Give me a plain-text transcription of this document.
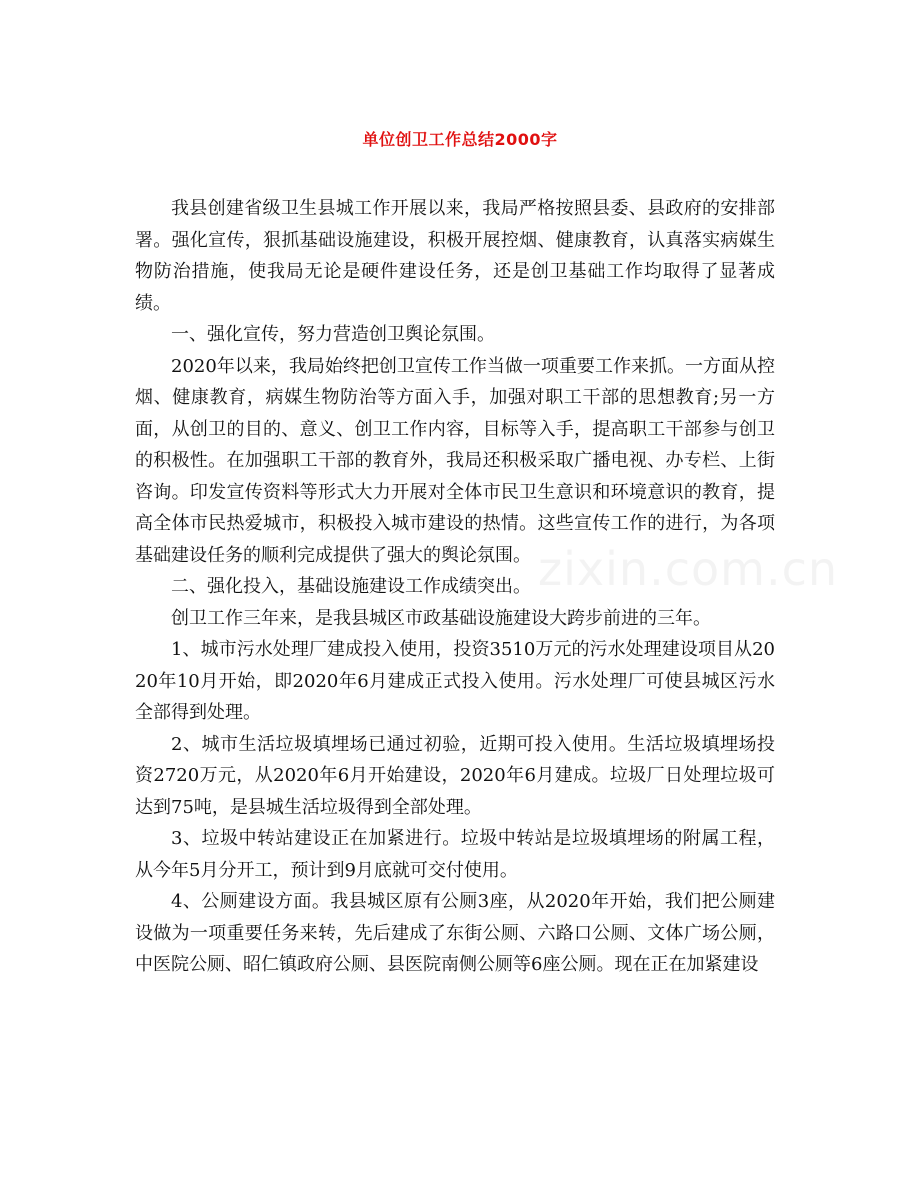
单位创卫工作总结2000字

我县创建省级卫生县城工作开展以来，我局严格按照县委、县政府的安排部署。强化宣传，狠抓基础设施建设，积极开展控烟、健康教育，认真落实病媒生物防治措施，使我局无论是硬件建设任务，还是创卫基础工作均取得了显著成绩。

一、强化宣传，努力营造创卫舆论氛围。

2020年以来，我局始终把创卫宣传工作当做一项重要工作来抓。一方面从控烟、健康教育，病媒生物防治等方面入手，加强对职工干部的思想教育;另一方面，从创卫的目的、意义、创卫工作内容，目标等入手，提高职工干部参与创卫的积极性。在加强职工干部的教育外，我局还积极采取广播电视、办专栏、上街咨询。印发宣传资料等形式大力开展对全体市民卫生意识和环境意识的教育，提高全体市民热爱城市，积极投入城市建设的热情。这些宣传工作的进行，为各项基础建设任务的顺利完成提供了强大的舆论氛围。

二、强化投入，基础设施建设工作成绩突出。

创卫工作三年来，是我县城区市政基础设施建设大跨步前进的三年。

1、城市污水处理厂建成投入使用，投资3510万元的污水处理建设项目从2020年10月开始，即2020年6月建成正式投入使用。污水处理厂可使县城区污水全部得到处理。

2、城市生活垃圾填埋场已通过初验，近期可投入使用。生活垃圾填埋场投资2720万元，从2020年6月开始建设，2020年6月建成。垃圾厂日处理垃圾可达到75吨，是县城生活垃圾得到全部处理。

3、垃圾中转站建设正在加紧进行。垃圾中转站是垃圾填埋场的附属工程，从今年5月分开工，预计到9月底就可交付使用。

4、公厕建设方面。我县城区原有公厕3座，从2020年开始，我们把公厕建设做为一项重要任务来转，先后建成了东街公厕、六路口公厕、文体广场公厕，中医院公厕、昭仁镇政府公厕、县医院南侧公厕等6座公厕。现在正在加紧建设

zixin.com.cn
